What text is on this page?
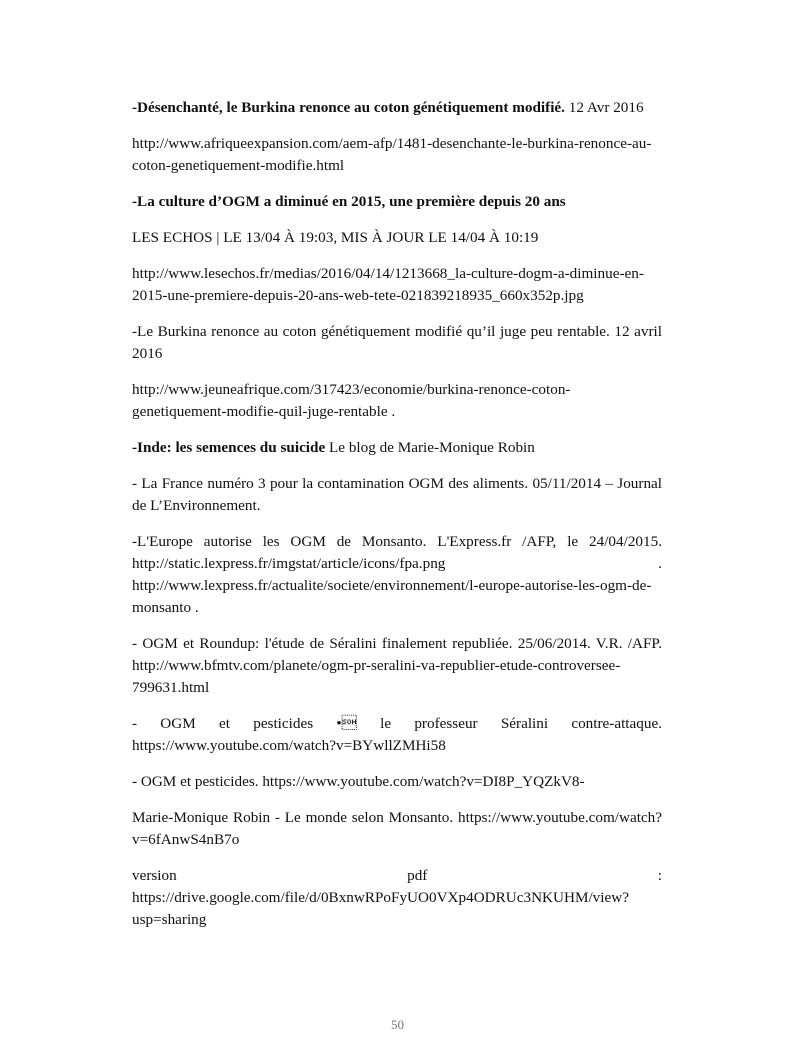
-Désenchanté, le Burkina renonce au coton génétiquement modifié. 12 Avr 2016

http://www.afriqueexpansion.com/aem-afp/1481-desenchante-le-burkina-renonce-au-coton-genetiquement-modifie.html

-La culture d’OGM a diminué en 2015, une première depuis 20 ans

LES ECHOS | LE 13/04 À 19:03, MIS À JOUR LE 14/04 À 10:19

http://www.lesechos.fr/medias/2016/04/14/1213668_la-culture-dogm-a-diminue-en-2015-une-premiere-depuis-20-ans-web-tete-021839218935_660x352p.jpg

-Le Burkina renonce au coton génétiquement modifié qu’il juge peu rentable. 12 avril 2016

http://www.jeuneafrique.com/317423/economie/burkina-renonce-coton-genetiquement-modifie-quil-juge-rentable .

-Inde: les semences du suicide Le blog de Marie-Monique Robin

- La France numéro 3 pour la contamination OGM des aliments. 05/11/2014 – Journal de L’Environnement.

-L'Europe autorise les OGM de Monsanto. L'Express.fr /AFP, le 24/04/2015. http://static.lexpress.fr/imgstat/article/icons/fpa.png . http://www.lexpress.fr/actualite/societe/environnement/l-europe-autorise-les-ogm-de-monsanto .

- OGM et Roundup: l'étude de Séralini finalement republiée. 25/06/2014. V.R. /AFP. http://www.bfmtv.com/planete/ogm-pr-seralini-va-republier-etude-controversee-799631.html

- OGM et pesticides • le professeur Séralini contre-attaque. https://www.youtube.com/watch?v=BYwllZMHi58

- OGM et pesticides. https://www.youtube.com/watch?v=DI8P_YQZkV8-

Marie-Monique Robin - Le monde selon Monsanto. https://www.youtube.com/watch?v=6fAnwS4nB7o

version pdf : https://drive.google.com/file/d/0BxnwRPoFyUO0VXp4ODRUc3NKUHM/view?usp=sharing

50
